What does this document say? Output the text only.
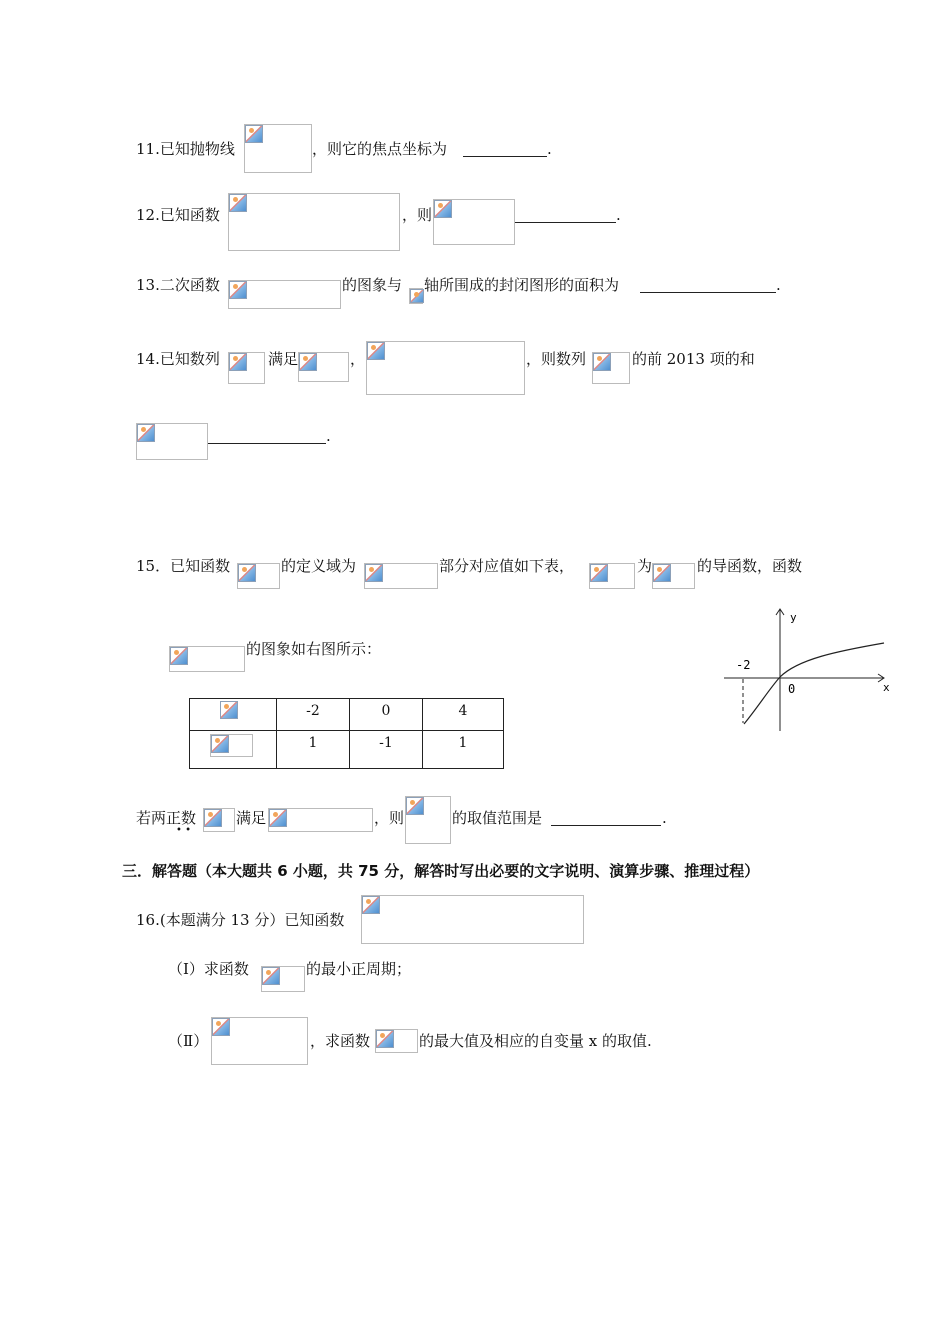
11.已知抛物线	，则它的焦点坐标为	.
12.已知函数	，则	.
13.二次函数	的图象与 轴所围成的封闭图形的面积为	.
14.已知数列	满足	，	，则数列	的前 2013 项的和
.
15．已知函数	的定义域为	部分对应值如下表，	为	的导函数，函数
的图象如右图所示：
y
x
-2
0
	-2	0	4

	1	-1	1
若两正数
• •
满足	，则	的取值范围是	.
三．解答题（本大题共 6 小题，共 75 分，解答时写出必要的文字说明、演算步骤、推理过程）
16.(本题满分 13 分）已知函数
（Ⅰ）求函数	的最小正周期；
（Ⅱ）	，求函数	的最大值及相应的自变量 x 的取值.
